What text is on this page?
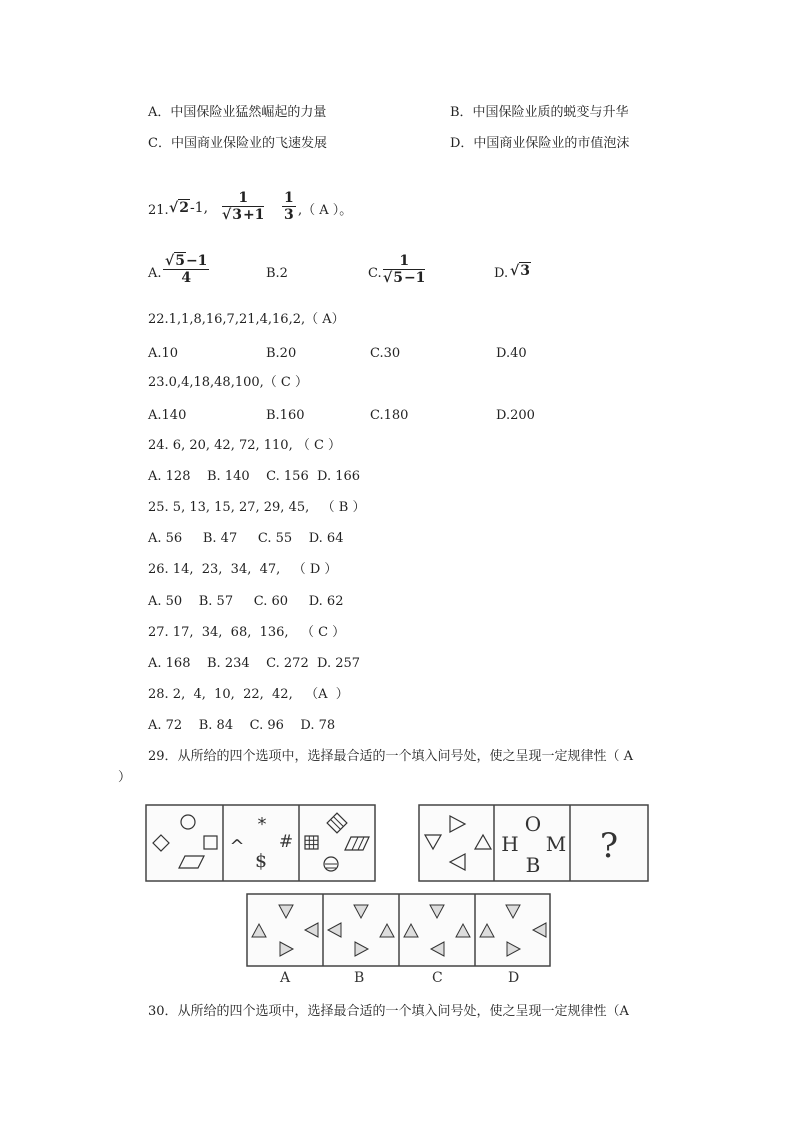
A．中国保险业猛然崛起的力量	B．中国保险业质的蜕变与升华
C．中国商业保险业的飞速发展	D．中国商业保险业的市值泡沫
21. √2-1, $\frac{1}{√3+1} \frac{1}{3}$ ,（ A ）。
A. $\frac{√5-1}{4}$	B.2	C. $\frac{1}{√5-1}$	D. √3
22.1,1,8,16,7,21,4,16,2,（ A）
A.10	B.20	C.30	D.40
23.0,4,18,48,100,（ C ）
A.140	B.160	C.180	D.200
24. 6, 20, 42, 72, 110, （ C ）
A. 128    B. 140    C. 156  D. 166
25. 5, 13, 15, 27, 29, 45,   （ B ）
A. 56     B. 47     C. 55    D. 64
26. 14,  23,  34,  47,   （ D ）
A. 50    B. 57     C. 60     D. 62
27. 17,  34,  68,  136,   （ C ）
A. 168    B. 234    C. 272  D. 257
28. 2,  4,  10,  22,  42,   （A  ）
A. 72    B. 84    C. 96    D. 78
29．从所给的四个选项中，选择最合适的一个填入问号处，使之呈现一定规律性（ A
）
*
^ #
$
O
H M
B ?
A	B	C	D
30．从所给的四个选项中，选择最合适的一个填入问号处，使之呈现一定规律性（A
